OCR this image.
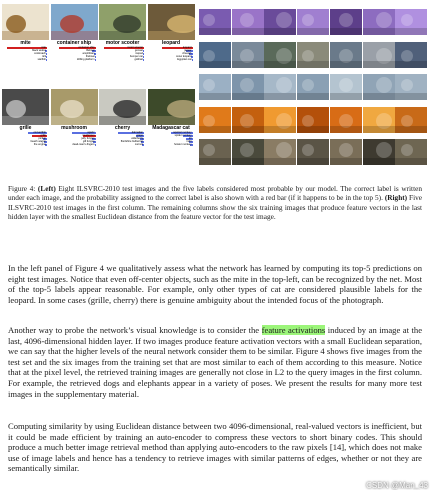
mite
mite
black widow
cockroach
tick
starfish
container ship
container ship
lifeboat
amphibian
fireboat
drilling platform
motor scooter
motor scooter
go-kart
moped
bumper car
golfcart
leopard
leopard
jaguar
cheetah
snow leopard
Egyptian cat
grille
convertible
grille
pickup
beach wagon
fire engine
mushroom
agaric
mushroom
jelly fungus
gill fungus
dead-man's-fingers
cherry
dalmatian
grape
elderberry
ffordshire bullterrier
currant
Madagascar cat
squirrel monkey
spider monkey
titi
indri
howler monkey
Figure 4: (Left) Eight ILSVRC-2010 test images and the five labels considered most probable by our model. The correct label is written under each image, and the probability assigned to the correct label is also shown with a red bar (if it happens to be in the top 5). (Right) Five ILSVRC-2010 test images in the first column. The remaining columns show the six training images that produce feature vectors in the last hidden layer with the smallest Euclidean distance from the feature vector for the test image.

In the left panel of Figure 4 we qualitatively assess what the network has learned by computing its top-5 predictions on eight test images. Notice that even off-center objects, such as the mite in the top-left, can be recognized by the net. Most of the top-5 labels appear reasonable. For example, only other types of cat are considered plausible labels for the leopard. In some cases (grille, cherry) there is genuine ambiguity about the intended focus of the photograph.

Another way to probe the network’s visual knowledge is to consider the feature activations induced by an image at the last, 4096-dimensional hidden layer. If two images produce feature activation vectors with a small Euclidean separation, we can say that the higher levels of the neural network consider them to be similar. Figure 4 shows five images from the test set and the six images from the training set that are most similar to each of them according to this measure. Notice that at the pixel level, the retrieved training images are generally not close in L2 to the query images in the first column. For example, the retrieved dogs and elephants appear in a variety of poses. We present the results for many more test images in the supplementary material.

Computing similarity by using Euclidean distance between two 4096-dimensional, real-valued vectors is inefficient, but it could be made efficient by training an auto-encoder to compress these vectors to short binary codes. This should produce a much better image retrieval method than applying auto-encoders to the raw pixels [14], which does not make use of image labels and hence has a tendency to retrieve images with similar patterns of edges, whether or not they are semantically similar.

CSDN @Man_43
